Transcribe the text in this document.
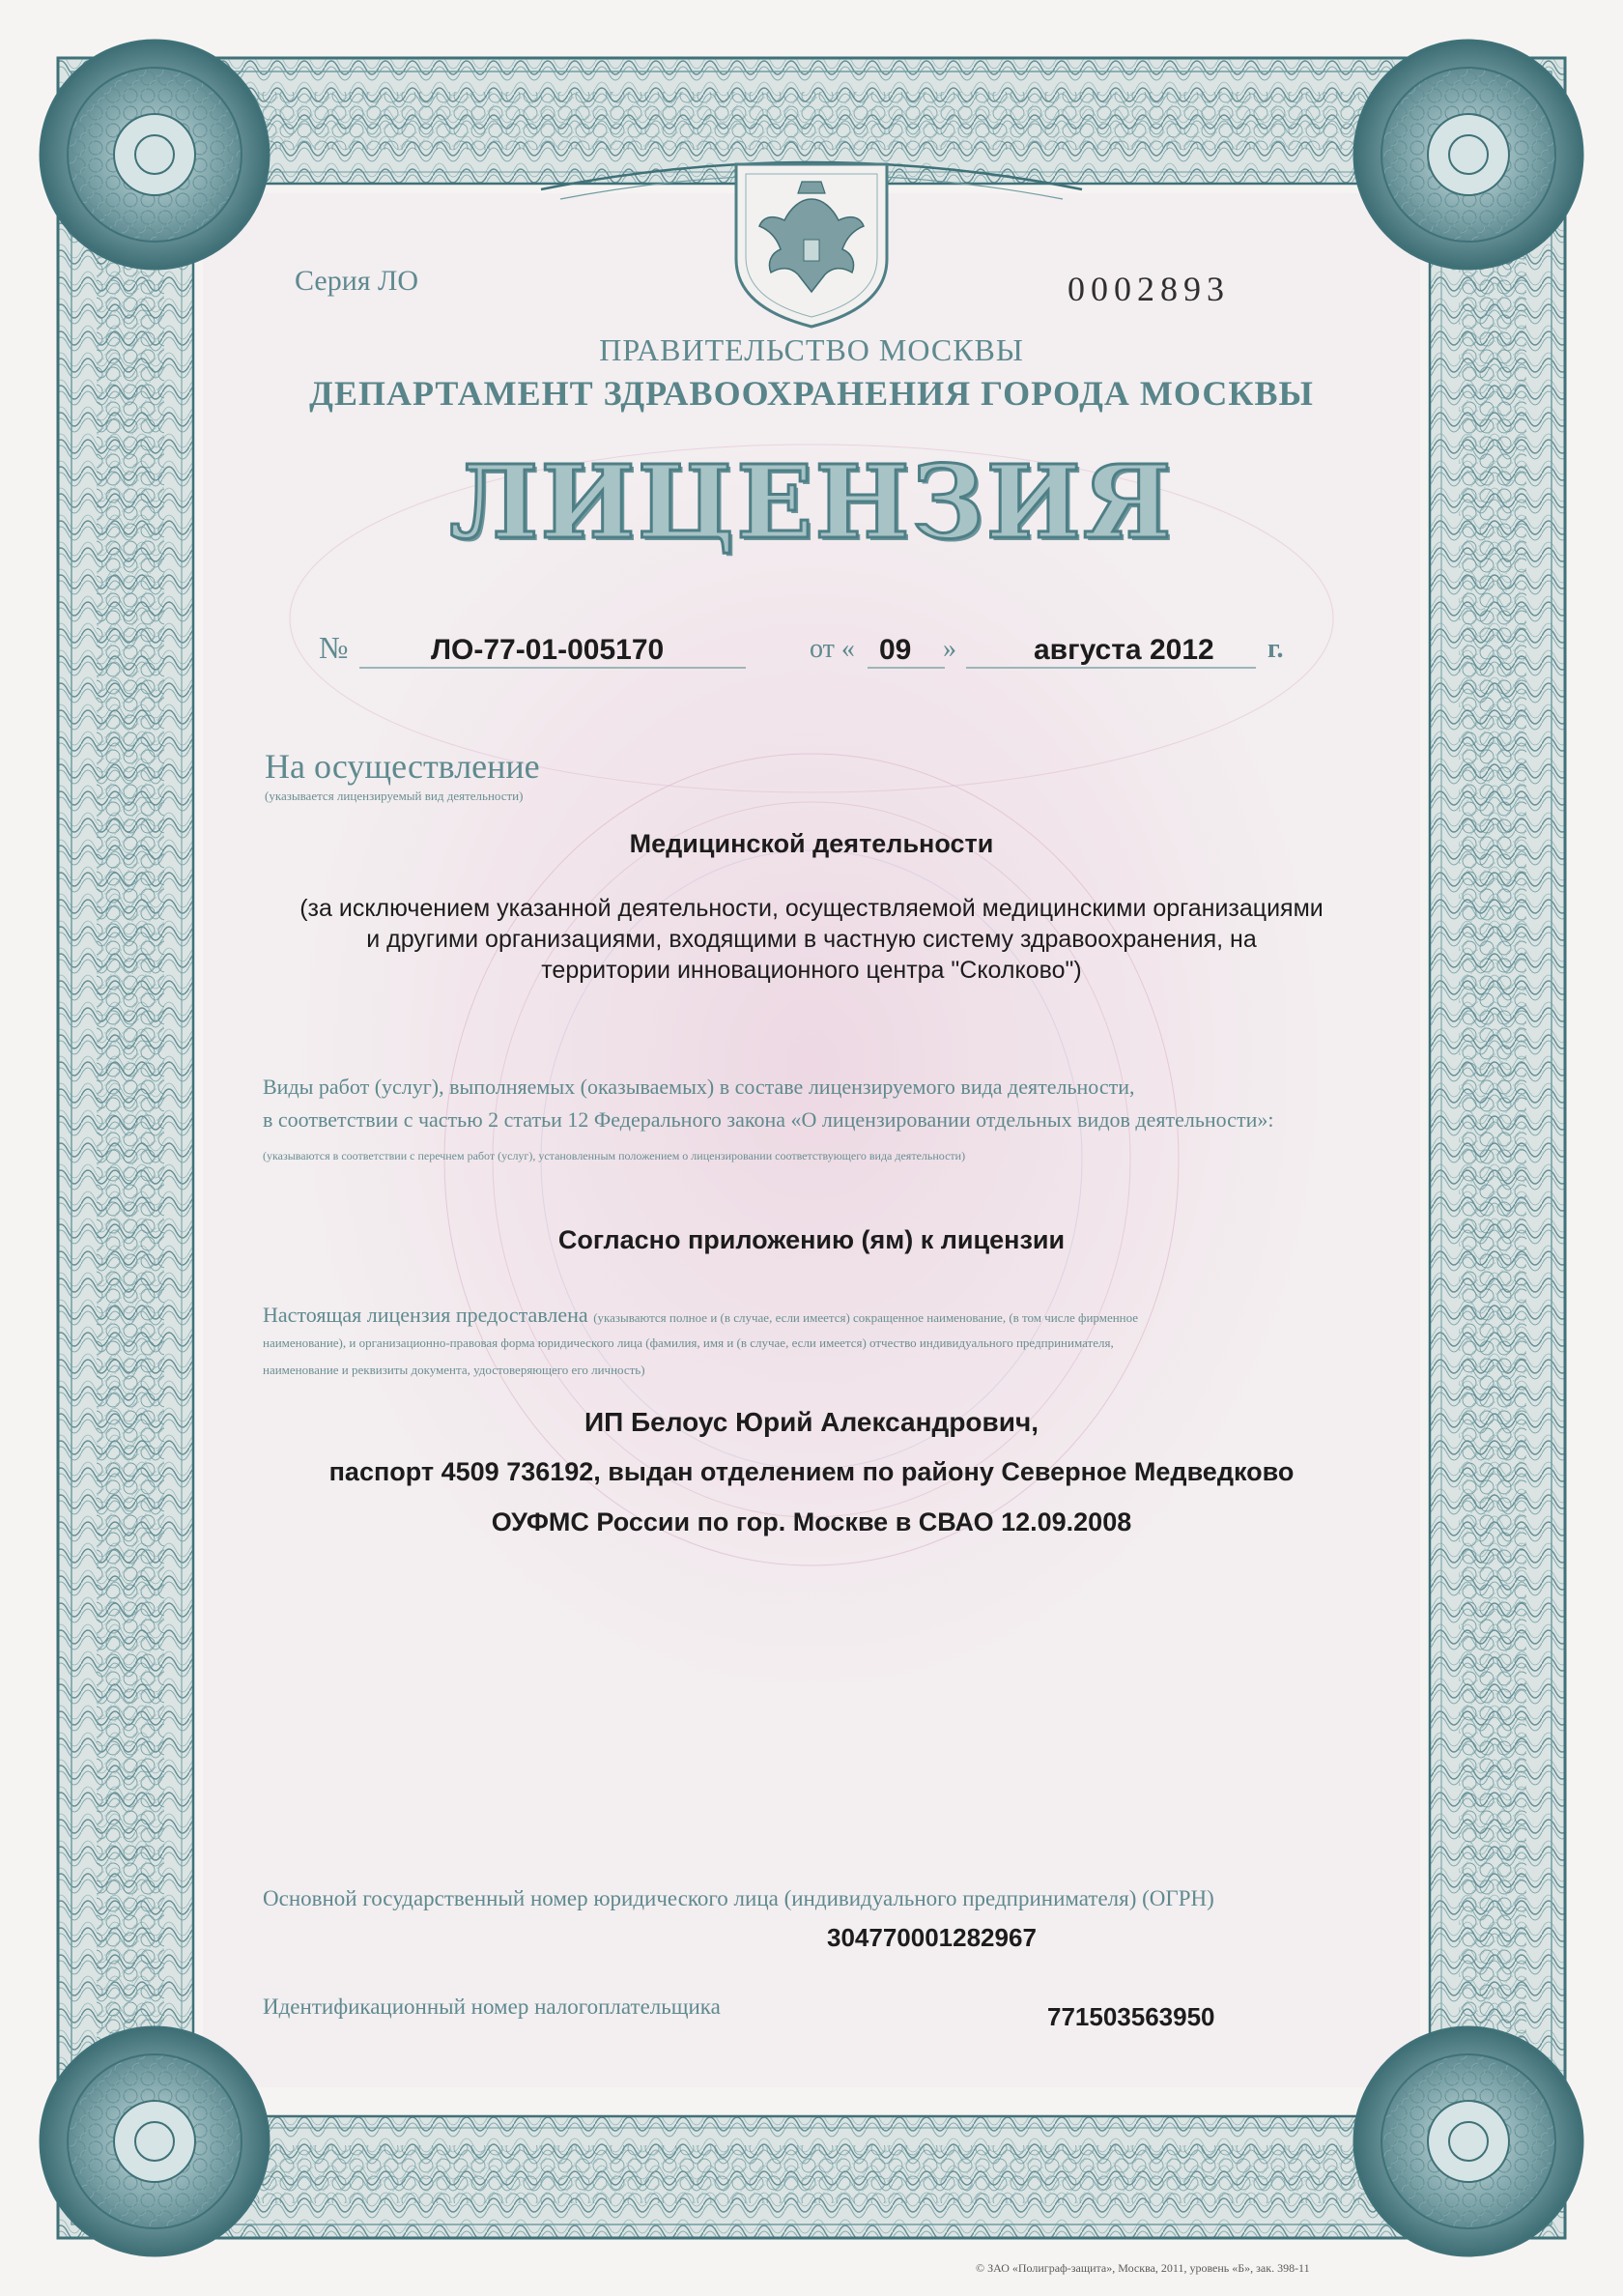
Серия ЛО	0002893
ПРАВИТЕЛЬСТВО МОСКВЫ
ДЕПАРТАМЕНТ ЗДРАВООХРАНЕНИЯ ГОРОДА МОСКВЫ
ЛИЦЕНЗИЯ
№	ЛО-77-01-005170	от « 09 »	августа 2012 г.
На осуществление
(указывается лицензируемый вид деятельности)
Медицинской деятельности
(за исключением указанной деятельности, осуществляемой медицинскими организациями
и другими организациями, входящими в частную систему здравоохранения, на
территории инновационного центра "Сколково")
Виды работ (услуг), выполняемых (оказываемых) в составе лицензируемого вида деятельности,
в соответствии с частью 2 статьи 12 Федерального закона «О лицензировании отдельных видов деятельности»:
(указываются в соответствии с перечнем работ (услуг), установленным положением о лицензировании соответствующего вида деятельности)
Согласно приложению (ям) к лицензии
Настоящая лицензия предоставлена (указываются полное и (в случае, если имеется) сокращенное наименование, (в том числе фирменное
наименование), и организационно-правовая форма юридического лица (фамилия, имя и (в случае, если имеется) отчество индивидуального предпринимателя,
наименование и реквизиты документа, удостоверяющего его личность)
ИП Белоус Юрий Александрович,
паспорт 4509 736192, выдан отделением по району Северное Медведково
ОУФМС России по гор. Москве в СВАО 12.09.2008
Основной государственный номер юридического лица (индивидуального предпринимателя) (ОГРН)
304770001282967
Идентификационный номер налогоплательщика	771503563950
© ЗАО «Полиграф-защита», Москва, 2011, уровень «Б», зак. 398-11
